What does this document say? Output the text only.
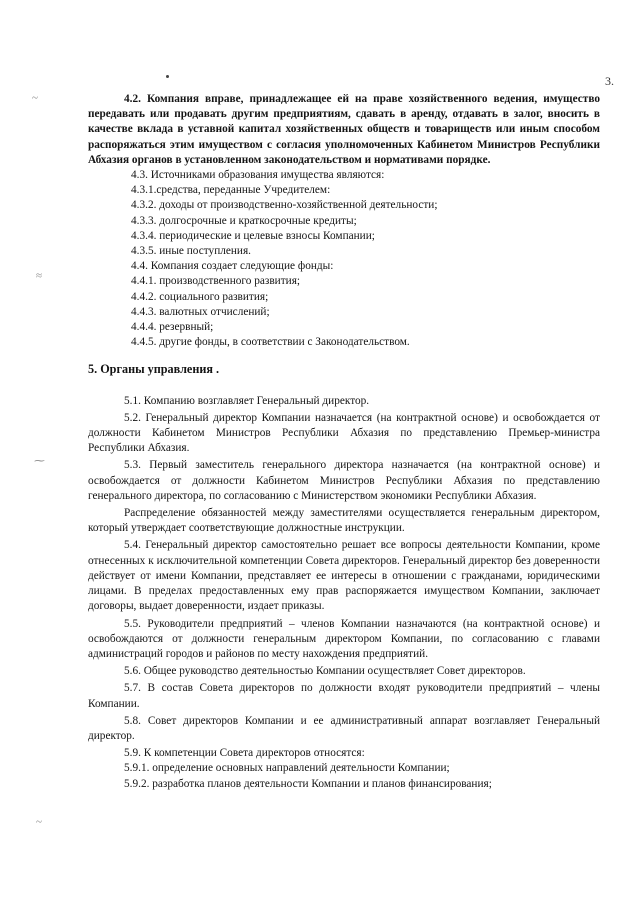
3.
~
≈
⁓
~

4.2. Компания вправе, принадлежащее ей на праве хозяйственного ведения, имущество передавать или продавать другим предприятиям, сдавать в аренду, отдавать в залог, вносить в качестве вклада в уставной капитал хозяйственных обществ и товариществ или иным способом распоряжаться этим имуществом с согласия уполномоченных Кабинетом Министров Республики Абхазия органов в установленном законодательством и нормативами порядке.

4.3. Источниками образования имущества являются:

4.3.1.средства, переданные Учредителем:

4.3.2. доходы от производственно-хозяйственной деятельности;

4.3.3. долгосрочные и краткосрочные кредиты;

4.3.4. периодические и целевые взносы Компании;

4.3.5. иные поступления.

4.4. Компания создает следующие фонды:

4.4.1. производственного развития;

4.4.2. социального развития;

4.4.3. валютных отчислений;

4.4.4. резервный;

4.4.5. другие фонды, в соответствии с Законодательством.

5. Органы управления .

5.1. Компанию возглавляет Генеральный директор.

5.2. Генеральный директор Компании назначается (на контрактной основе) и освобождается от должности Кабинетом Министров Республики Абхазия по представлению Премьер-министра Республики Абхазия.

5.3. Первый заместитель генерального директора назначается (на контрактной основе) и освобождается от должности Кабинетом Министров Республики Абхазия по представлению генерального директора, по согласованию с Министерством экономики Республики Абхазия.

Распределение обязанностей между заместителями осуществляется генеральным директором, который утверждает соответствующие должностные инструкции.

5.4. Генеральный директор самостоятельно решает все вопросы деятельности Компании, кроме отнесенных к исключительной компетенции Совета директоров. Генеральный директор без доверенности действует от имени Компании, представляет ее интересы в отношении с гражданами, юридическими лицами. В пределах предоставленных ему прав распоряжается имуществом Компании, заключает договоры, выдает доверенности, издает приказы.

5.5. Руководители предприятий – членов Компании назначаются (на контрактной основе) и освобождаются от должности генеральным директором Компании, по согласованию с главами администраций городов и районов по месту нахождения предприятий.

5.6. Общее руководство деятельностью Компании осуществляет Совет директоров.

5.7. В состав Совета директоров по должности входят руководители предприятий – члены Компании.

5.8. Совет директоров Компании и ее административный аппарат возглавляет Генеральный директор.

5.9. К компетенции Совета директоров относятся:

5.9.1. определение основных направлений деятельности Компании;

5.9.2. разработка планов деятельности Компании и планов финансирования;
